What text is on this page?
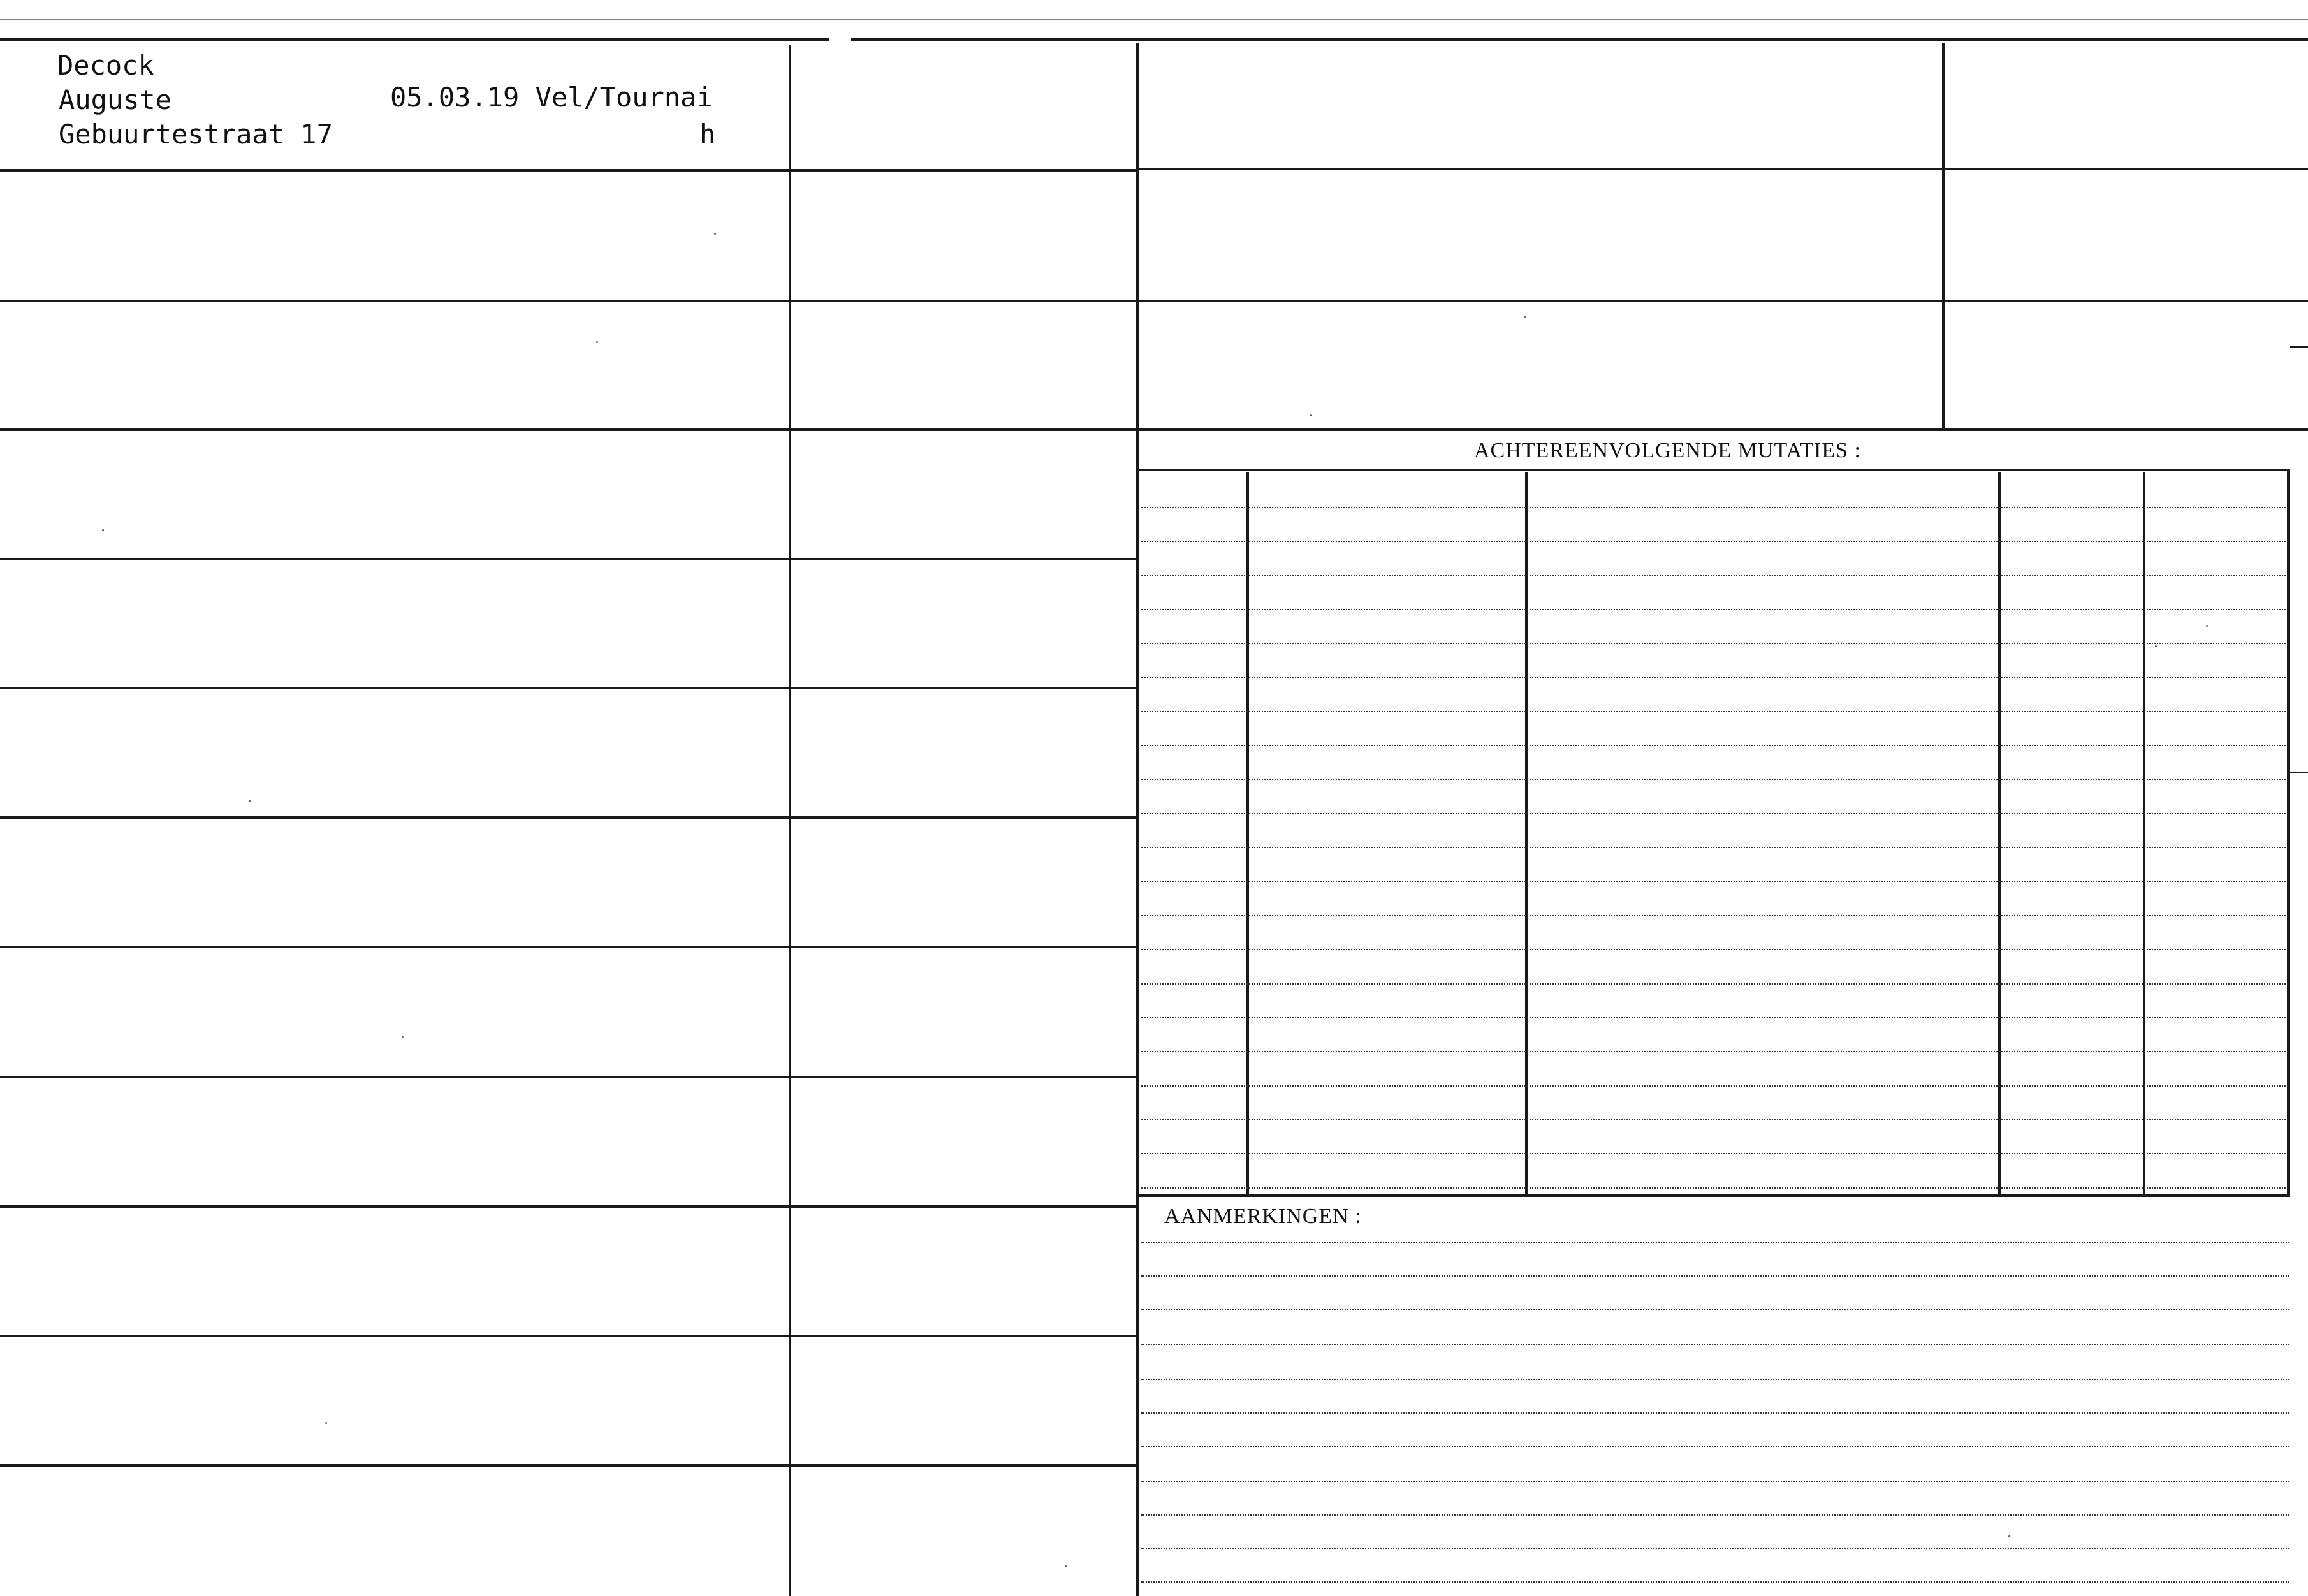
Decock
Auguste
Gebuurtestraat 17
05.03.19 Vel/Tournai
h
ACHTEREENVOLGENDE MUTATIES :
AANMERKINGEN :
